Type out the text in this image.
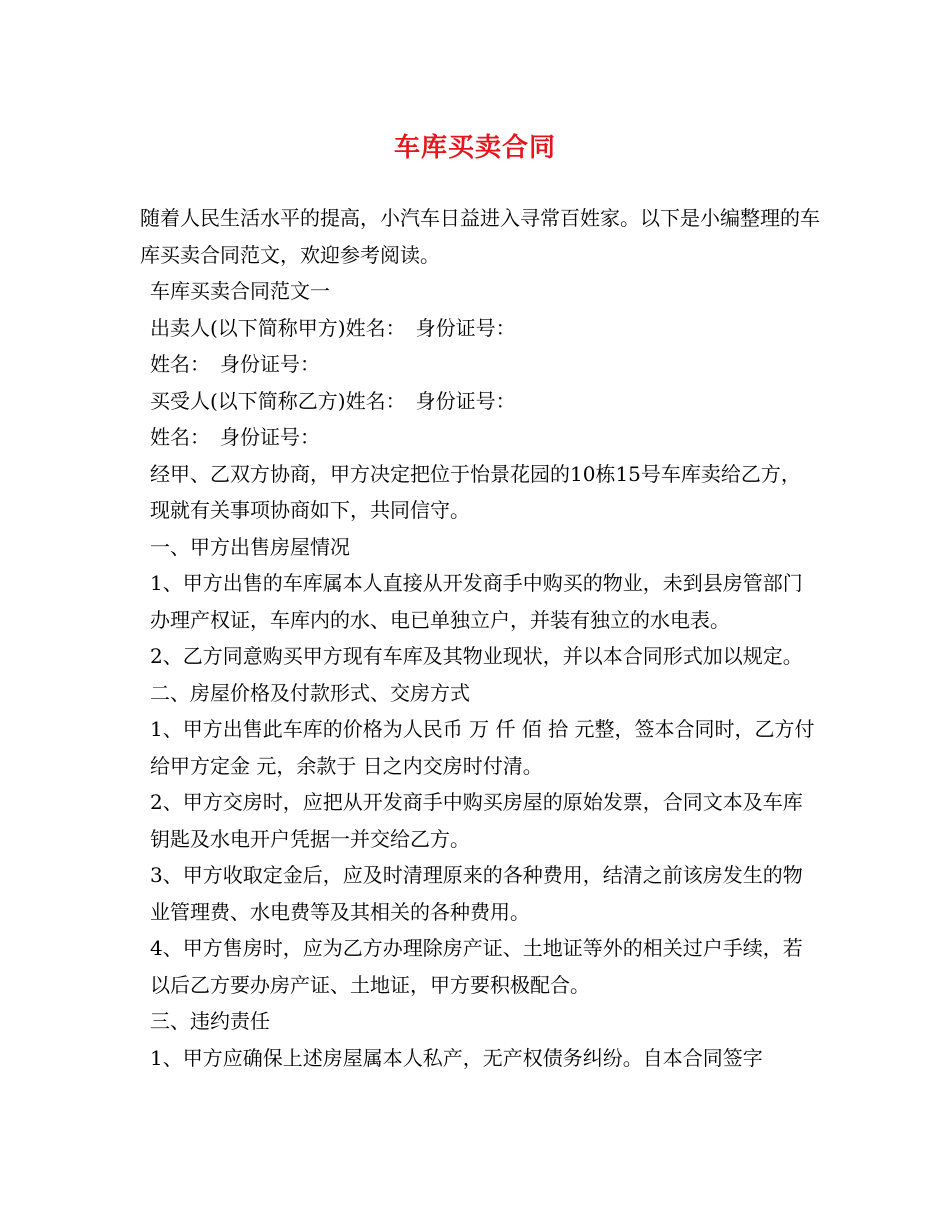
车库买卖合同

随着人民生活水平的提高，小汽车日益进入寻常百姓家。以下是小编整理的车库买卖合同范文，欢迎参考阅读。

车库买卖合同范文一

出卖人(以下简称甲方)姓名：　身份证号：

姓名：　身份证号：

买受人(以下简称乙方)姓名：　身份证号：

姓名：　身份证号：

经甲、乙双方协商，甲方决定把位于怡景花园的10栋15号车库卖给乙方，现就有关事项协商如下，共同信守。

一、甲方出售房屋情况

1、甲方出售的车库属本人直接从开发商手中购买的物业，未到县房管部门办理产权证，车库内的水、电已单独立户，并装有独立的水电表。

2、乙方同意购买甲方现有车库及其物业现状，并以本合同形式加以规定。

二、房屋价格及付款形式、交房方式

1、甲方出售此车库的价格为人民币 万 仟 佰 拾 元整，签本合同时，乙方付给甲方定金 元，余款于 日之内交房时付清。

2、甲方交房时，应把从开发商手中购买房屋的原始发票，合同文本及车库钥匙及水电开户凭据一并交给乙方。

3、甲方收取定金后，应及时清理原来的各种费用，结清之前该房发生的物业管理费、水电费等及其相关的各种费用。

4、甲方售房时，应为乙方办理除房产证、土地证等外的相关过户手续，若以后乙方要办房产证、土地证，甲方要积极配合。

三、违约责任

1、甲方应确保上述房屋属本人私产，无产权债务纠纷。自本合同签字
